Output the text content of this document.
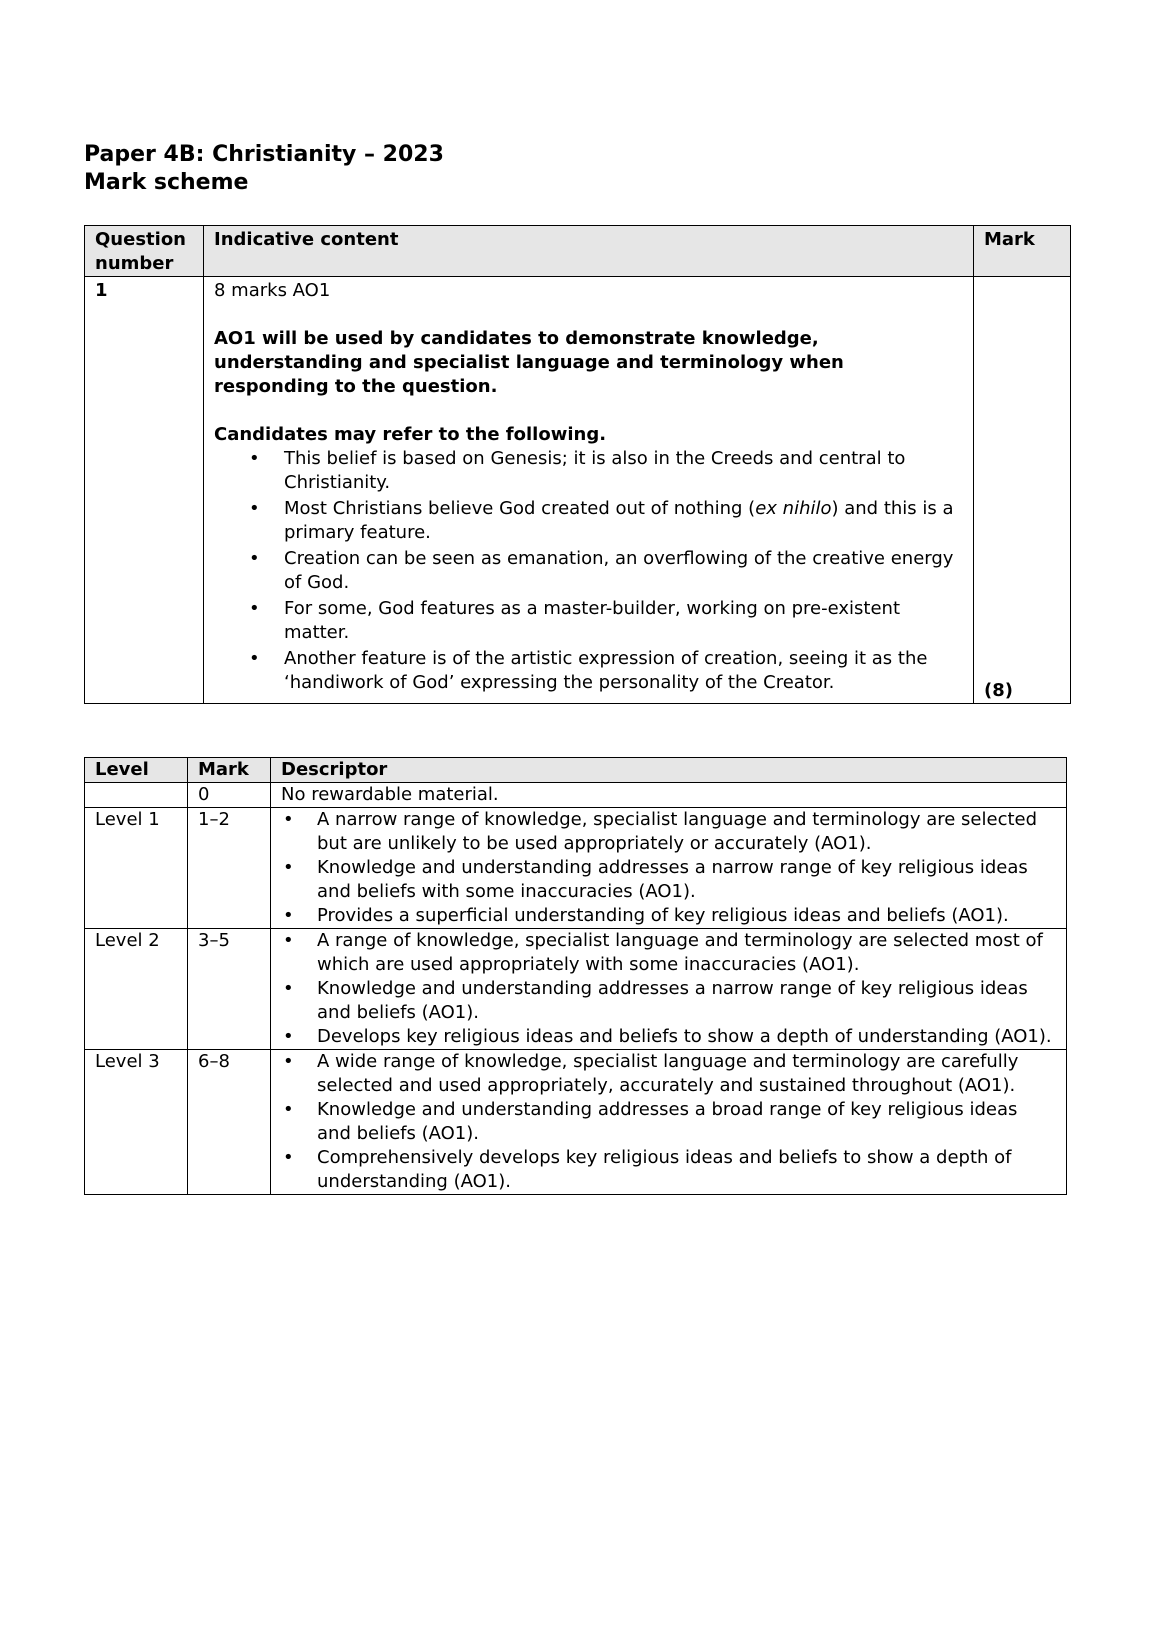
Paper 4B: Christianity – 2023
Mark scheme
Question number	Indicative content	Mark
1	8 marks AO1

AO1 will be used by candidates to demonstrate knowledge, understanding and specialist language and terminology when responding to the question.

Candidates may refer to the following.

• This belief is based on Genesis; it is also in the Creeds and central to Christianity.
• Most Christians believe God created out of nothing (ex nihilo) and this is a primary feature.
• Creation can be seen as emanation, an overflowing of the creative energy of God.
• For some, God features as a master-builder, working on pre-existent matter.
• Another feature is of the artistic expression of creation, seeing it as the ‘handiwork of God’ expressing the personality of the Creator.	(8)
Level	Mark	Descriptor
	0	No rewardable material.
Level 1	1–2	
•A narrow range of knowledge, specialist language and terminology are selected but are unlikely to be used appropriately or accurately (AO1).
• Knowledge and understanding addresses a narrow range of key religious ideas and beliefs with some inaccuracies (AO1).
• Provides a superficial understanding of key religious ideas and beliefs (AO1).

Level 2	3–5	
•A range of knowledge, specialist language and terminology are selected most of which are used appropriately with some inaccuracies (AO1).
• Knowledge and understanding addresses a narrow range of key religious ideas and beliefs (AO1).
• Develops key religious ideas and beliefs to show a depth of understanding (AO1).

Level 3	6–8	
•A wide range of knowledge, specialist language and terminology are carefully selected and used appropriately, accurately and sustained throughout (AO1).
• Knowledge and understanding addresses a broad range of key religious ideas and beliefs (AO1).
• Comprehensively develops key religious ideas and beliefs to show a depth of understanding (AO1).
